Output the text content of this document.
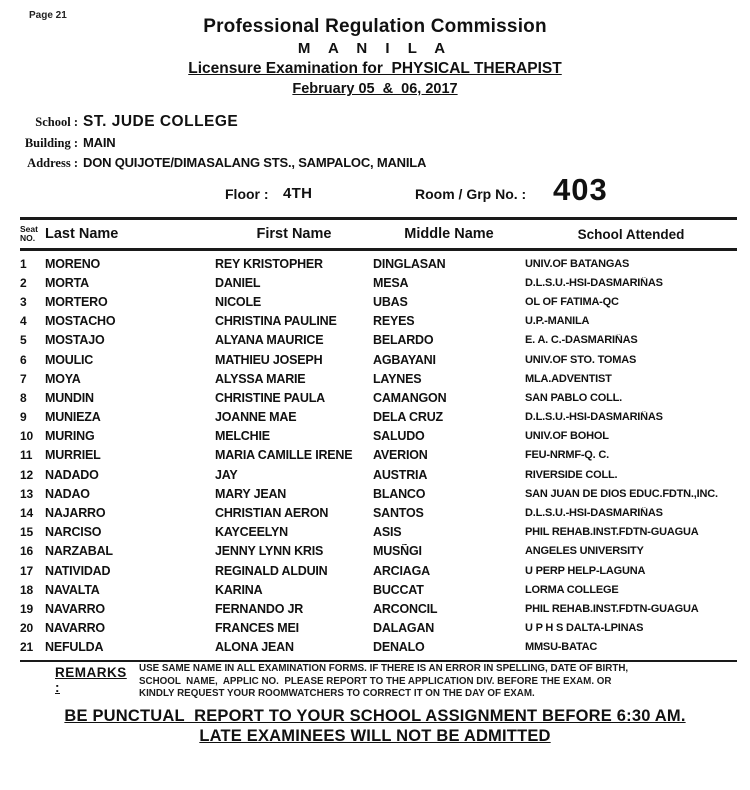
Page 21
Professional Regulation Commission
M A N I L A
Licensure Examination for  PHYSICAL THERAPIST
February 05  &  06, 2017
School : ST. JUDE COLLEGE
Building : MAIN
Address : DON QUIJOTE/DIMASALANG STS., SAMPALOC, MANILA
Floor : 4TH	Room / Grp No. : 403
Seat
NO. Last Name	First Name	Middle Name	School Attended
1	MORENO	REY KRISTOPHER	DINGLASAN	UNIV.OF BATANGAS
2	MORTA	DANIEL	MESA	D.L.S.U.-HSI-DASMARIÑAS
3	MORTERO	NICOLE	UBAS	OL OF FATIMA-QC
4	MOSTACHO	CHRISTINA PAULINE	REYES	U.P.-MANILA
5	MOSTAJO	ALYANA MAURICE	BELARDO	E. A. C.-DASMARIÑAS
6	MOULIC	MATHIEU JOSEPH	AGBAYANI	UNIV.OF STO. TOMAS
7	MOYA	ALYSSA MARIE	LAYNES	MLA.ADVENTIST
8	MUNDIN	CHRISTINE PAULA	CAMANGON	SAN PABLO COLL.
9	MUNIEZA	JOANNE MAE	DELA CRUZ	D.L.S.U.-HSI-DASMARIÑAS
10 MURING	MELCHIE	SALUDO	UNIV.OF BOHOL
11	MURRIEL	MARIA CAMILLE IRENE	AVERION	FEU-NRMF-Q. C.
12 NADADO	JAY	AUSTRIA	RIVERSIDE COLL.
13 NADAO	MARY JEAN	BLANCO	SAN JUAN DE DIOS EDUC.FDTN.,INC.
14 NAJARRO	CHRISTIAN AERON	SANTOS	D.L.S.U.-HSI-DASMARIÑAS
15 NARCISO	KAYCEELYN	ASIS	PHIL REHAB.INST.FDTN-GUAGUA
16 NARZABAL	JENNY LYNN KRIS	MUSÑGI	ANGELES UNIVERSITY
17 NATIVIDAD	REGINALD ALDUIN	ARCIAGA	U PERP HELP-LAGUNA
18 NAVALTA	KARINA	BUCCAT	LORMA COLLEGE
19 NAVARRO	FERNANDO JR	ARCONCIL	PHIL REHAB.INST.FDTN-GUAGUA
20 NAVARRO	FRANCES MEI	DALAGAN	U P H S DALTA-LPINAS
21 NEFULDA	ALONA JEAN	DENALO	MMSU-BATAC
REMARKS :
USE SAME NAME IN ALL EXAMINATION FORMS. IF THERE IS AN ERROR IN SPELLING, DATE OF BIRTH,
SCHOOL  NAME,  APPLIC NO.  PLEASE REPORT TO THE APPLICATION DIV. BEFORE THE EXAM. OR
KINDLY REQUEST YOUR ROOMWATCHERS TO CORRECT IT ON THE DAY OF EXAM.
BE PUNCTUAL  REPORT TO YOUR SCHOOL ASSIGNMENT BEFORE 6:30 AM.
LATE EXAMINEES WILL NOT BE ADMITTED
